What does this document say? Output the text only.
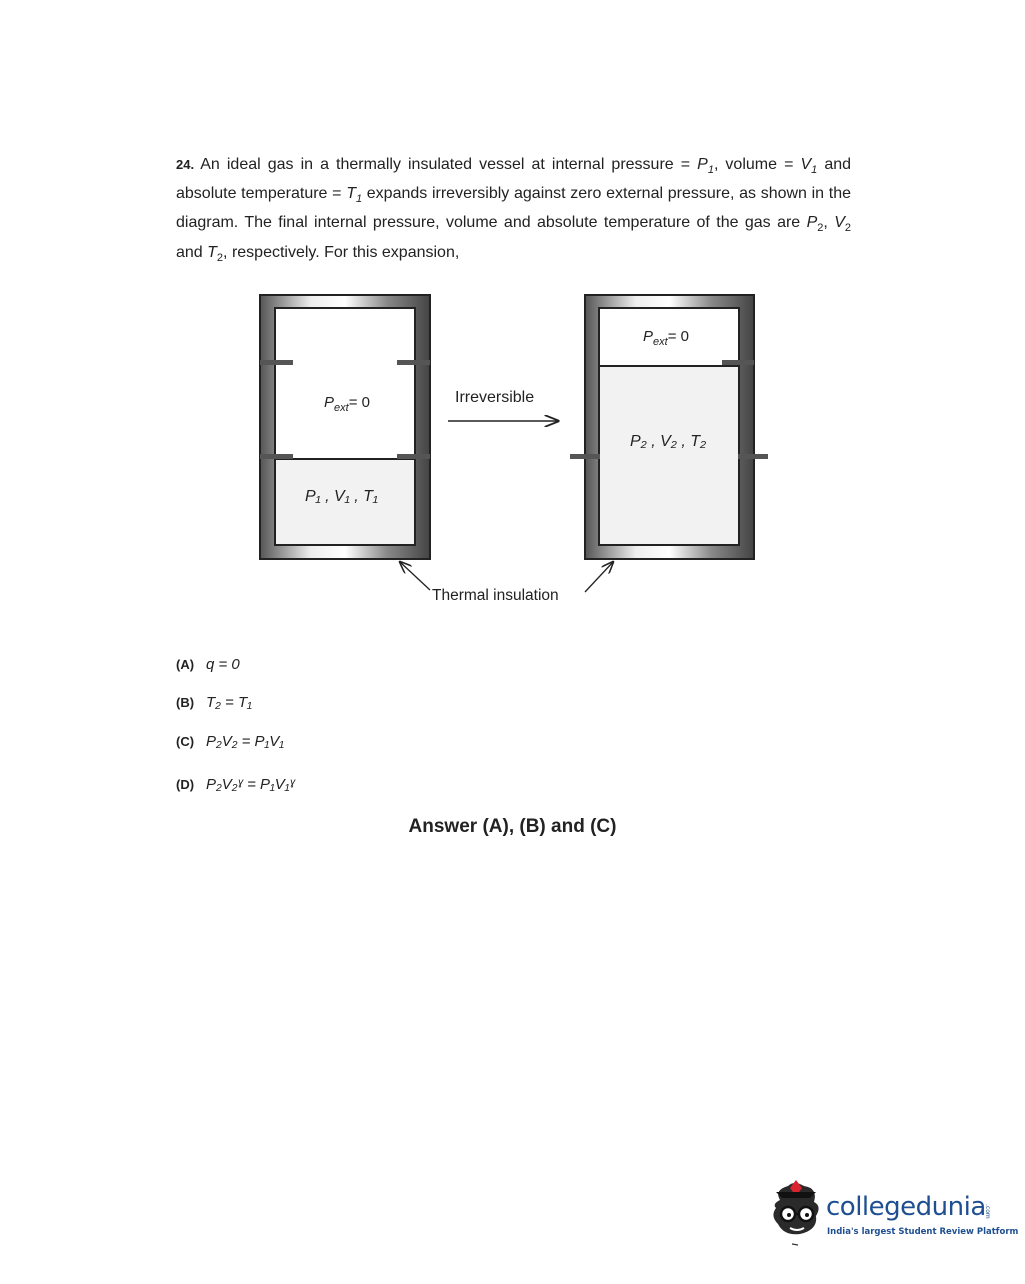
24. An ideal gas in a thermally insulated vessel at internal pressure = $P_1$, volume = $V_1$ and absolute temperature = $T_1$ expands irreversibly against zero external pressure, as shown in the diagram. The final internal pressure, volume and absolute temperature of the gas are $P_2$, $V_2$ and $T_2$, respectively. For this expansion,
$P_{ext}= 0$
P₁ , V₁ , T₁
Irreversible
$P_{ext}= 0$
P₂ , V₂ , T₂
Thermal insulation
(A) q = 0
(B) T₂ = T₁
(C) P₂V₂ = P₁V₁
(D) P₂V₂ˠ = P₁V₁ˠ
Answer (A), (B) and (C)
collegedunia
.com
India's largest Student Review Platform
